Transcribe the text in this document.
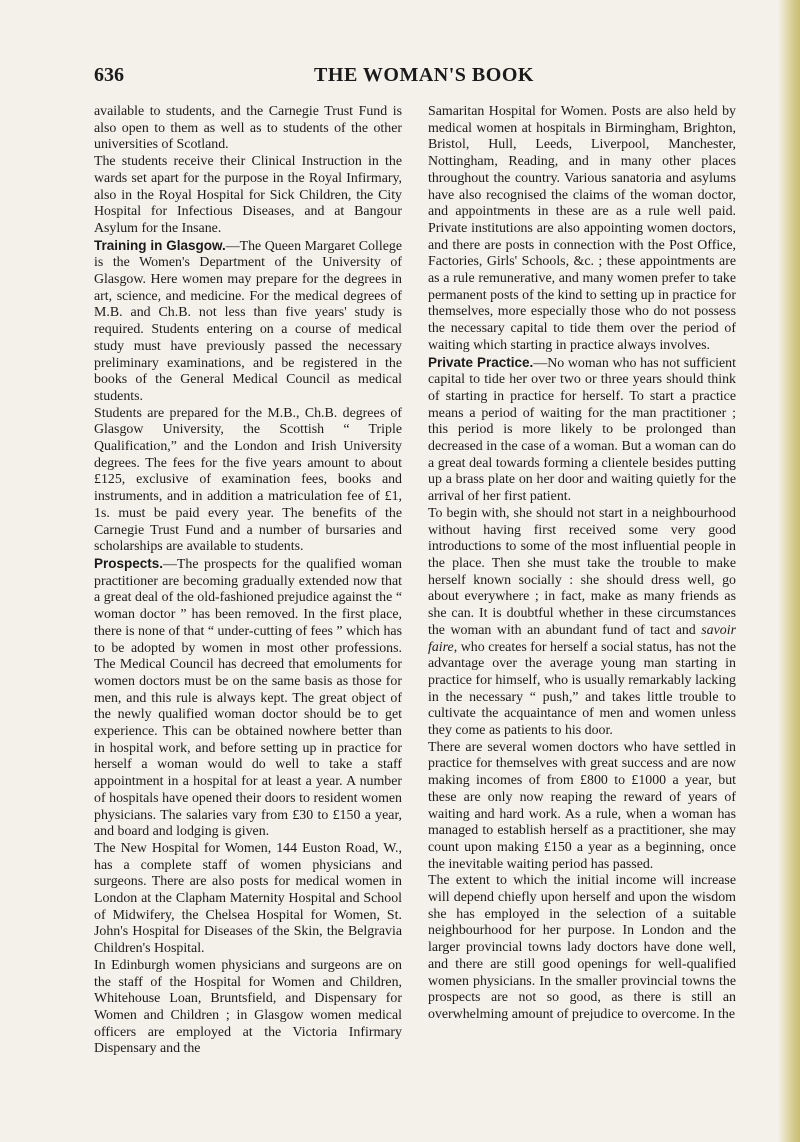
636	THE WOMAN'S BOOK

available to students, and the Carnegie Trust Fund is also open to them as well as to students of the other universities of Scotland.

The students receive their Clinical Instruction in the wards set apart for the purpose in the Royal Infirmary, also in the Royal Hospital for Sick Children, the City Hospital for Infectious Diseases, and at Bangour Asylum for the Insane.

Training in Glasgow.—The Queen Margaret College is the Women's Department of the University of Glasgow. Here women may prepare for the degrees in art, science, and medicine. For the medical degrees of M.B. and Ch.B. not less than five years' study is required. Students entering on a course of medical study must have previously passed the necessary preliminary examinations, and be registered in the books of the General Medical Council as medical students.

Students are prepared for the M.B., Ch.B. degrees of Glasgow University, the Scottish “ Triple Qualification,” and the London and Irish University degrees. The fees for the five years amount to about £125, exclusive of examination fees, books and instruments, and in addition a matriculation fee of £1, 1s. must be paid every year. The benefits of the Carnegie Trust Fund and a number of bursaries and scholarships are available to students.

Prospects.—The prospects for the qualified woman practitioner are becoming gradually extended now that a great deal of the old-fashioned prejudice against the “ woman doctor ” has been removed. In the first place, there is none of that “ under-cutting of fees ” which has to be adopted by women in most other professions. The Medical Council has decreed that emoluments for women doctors must be on the same basis as those for men, and this rule is always kept. The great object of the newly qualified woman doctor should be to get experience. This can be obtained nowhere better than in hospital work, and before setting up in practice for herself a woman would do well to take a staff appointment in a hospital for at least a year. A number of hospitals have opened their doors to resident women physicians. The salaries vary from £30 to £150 a year, and board and lodging is given.

The New Hospital for Women, 144 Euston Road, W., has a complete staff of women physicians and surgeons. There are also posts for medical women in London at the Clapham Maternity Hospital and School of Midwifery, the Chelsea Hospital for Women, St. John's Hospital for Diseases of the Skin, the Belgravia Children's Hospital.

In Edinburgh women physicians and surgeons are on the staff of the Hospital for Women and Children, Whitehouse Loan, Bruntsfield, and Dispensary for Women and Children ; in Glasgow women medical officers are employed at the Victoria Infirmary Dispensary and the

Samaritan Hospital for Women. Posts are also held by medical women at hospitals in Birmingham, Brighton, Bristol, Hull, Leeds, Liverpool, Manchester, Nottingham, Reading, and in many other places throughout the country. Various sanatoria and asylums have also recognised the claims of the woman doctor, and appointments in these are as a rule well paid. Private institutions are also appointing women doctors, and there are posts in connection with the Post Office, Factories, Girls' Schools, &c. ; these appointments are as a rule remunerative, and many women prefer to take permanent posts of the kind to setting up in practice for themselves, more especially those who do not possess the necessary capital to tide them over the period of waiting which starting in practice always involves.

Private Practice.—No woman who has not sufficient capital to tide her over two or three years should think of starting in practice for herself. To start a practice means a period of waiting for the man practitioner ; this period is more likely to be prolonged than decreased in the case of a woman. But a woman can do a great deal towards forming a clientele besides putting up a brass plate on her door and waiting quietly for the arrival of her first patient.

To begin with, she should not start in a neighbourhood without having first received some very good introductions to some of the most influential people in the place. Then she must take the trouble to make herself known socially : she should dress well, go about everywhere ; in fact, make as many friends as she can. It is doubtful whether in these circumstances the woman with an abundant fund of tact and savoir faire, who creates for herself a social status, has not the advantage over the average young man starting in practice for himself, who is usually remarkably lacking in the necessary “ push,” and takes little trouble to cultivate the acquaintance of men and women unless they come as patients to his door.

There are several women doctors who have settled in practice for themselves with great success and are now making incomes of from £800 to £1000 a year, but these are only now reaping the reward of years of waiting and hard work. As a rule, when a woman has managed to establish herself as a practitioner, she may count upon making £150 a year as a beginning, once the inevitable waiting period has passed.

The extent to which the initial income will increase will depend chiefly upon herself and upon the wisdom she has employed in the selection of a suitable neighbourhood for her purpose. In London and the larger provincial towns lady doctors have done well, and there are still good openings for well-qualified women physicians. In the smaller provincial towns the prospects are not so good, as there is still an overwhelming amount of prejudice to overcome. In the
